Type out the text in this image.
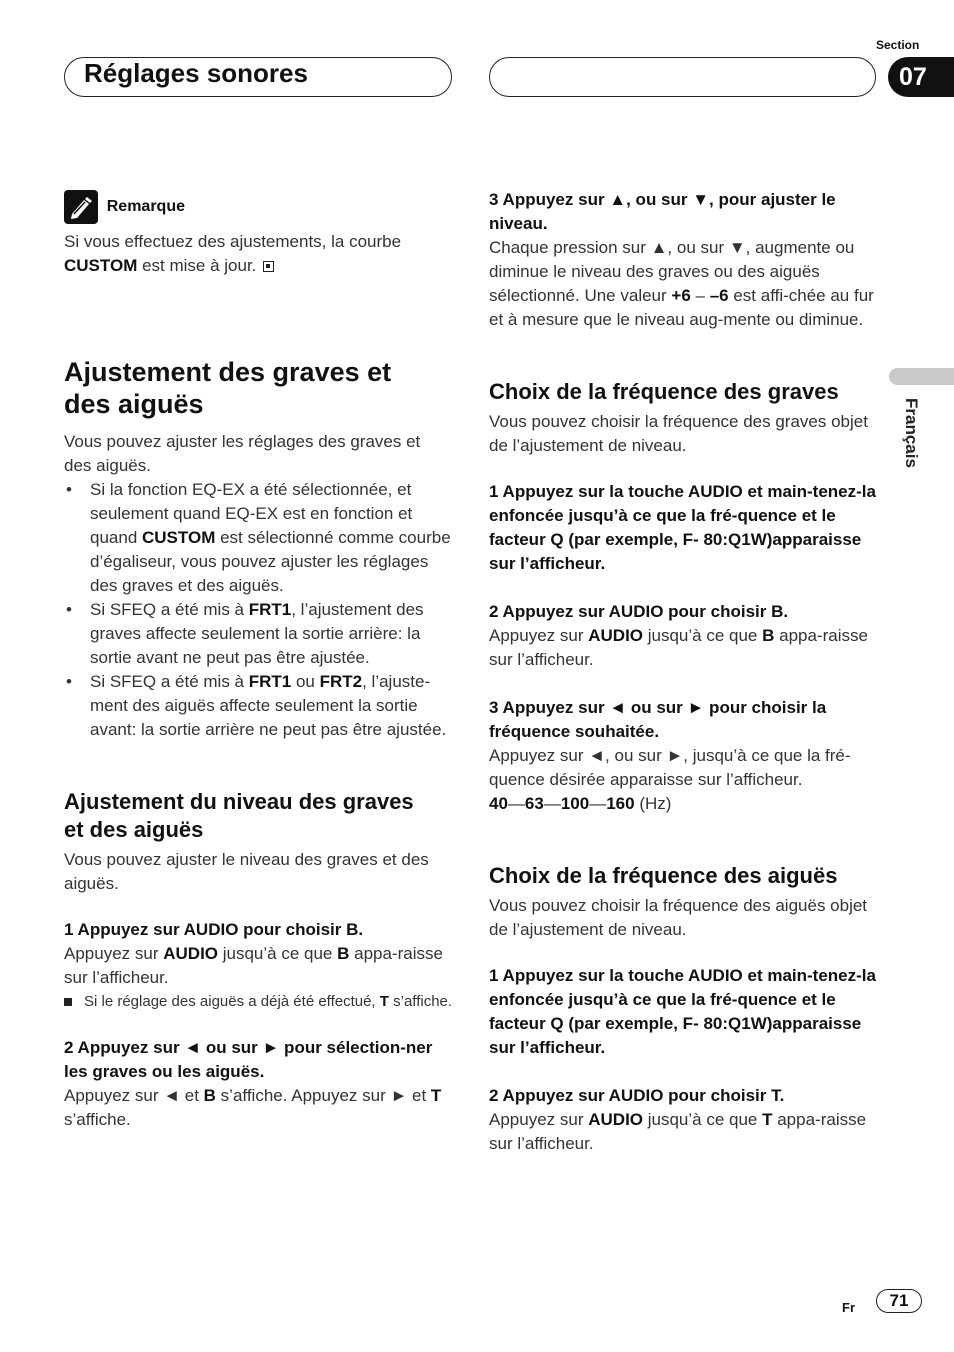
Réglages sonores
Section
07
Français
Remarque

Si vous effectuez des ajustements, la courbe
CUSTOM est mise à jour.

Ajustement des graves et des aiguës

Vous pouvez ajuster les réglages des graves et des aiguës.

• Si la fonction EQ-EX a été sélectionnée, et seulement quand EQ-EX est en fonction et quand CUSTOM est sélectionné comme courbe d’égaliseur, vous pouvez ajuster les réglages des graves et des aiguës.
• Si SFEQ a été mis à FRT1, l’ajustement des graves affecte seulement la sortie arrière: la sortie avant ne peut pas être ajustée.
• Si SFEQ a été mis à FRT1 ou FRT2, l’ajuste-ment des aiguës affecte seulement la sortie avant: la sortie arrière ne peut pas être ajustée.
Ajustement du niveau des graves et des aiguës

Vous pouvez ajuster le niveau des graves et des aiguës.

1 Appuyez sur AUDIO pour choisir B.

Appuyez sur AUDIO jusqu’à ce que B appa-raisse sur l’afficheur.

Si le réglage des aiguës a déjà été effectué, T s’affiche.

2 Appuyez sur ◄ ou sur ► pour sélection-ner les graves ou les aiguës.

Appuyez sur ◄ et B s’affiche. Appuyez sur ► et T s’affiche.

3 Appuyez sur ▲, ou sur ▼, pour ajuster le niveau.

Chaque pression sur ▲, ou sur ▼, augmente ou diminue le niveau des graves ou des aiguës sélectionné. Une valeur +6 – –6 est affi-chée au fur et à mesure que le niveau aug-mente ou diminue.

Choix de la fréquence des graves

Vous pouvez choisir la fréquence des graves objet de l’ajustement de niveau.

1 Appuyez sur la touche AUDIO et main-tenez-la enfoncée jusqu’à ce que la fré-quence et le facteur Q (par exemple, F- 80:Q1W)apparaisse sur l’afficheur.

2 Appuyez sur AUDIO pour choisir B.

Appuyez sur AUDIO jusqu’à ce que B appa-raisse sur l’afficheur.

3 Appuyez sur ◄ ou sur ► pour choisir la fréquence souhaitée.

Appuyez sur ◄, ou sur ►, jusqu’à ce que la fré-quence désirée apparaisse sur l’afficheur.

40—63—100—160 (Hz)

Choix de la fréquence des aiguës

Vous pouvez choisir la fréquence des aiguës objet de l’ajustement de niveau.

1 Appuyez sur la touche AUDIO et main-tenez-la enfoncée jusqu’à ce que la fré-quence et le facteur Q (par exemple, F- 80:Q1W)apparaisse sur l’afficheur.

2 Appuyez sur AUDIO pour choisir T.

Appuyez sur AUDIO jusqu’à ce que T appa-raisse sur l’afficheur.

Fr	71
